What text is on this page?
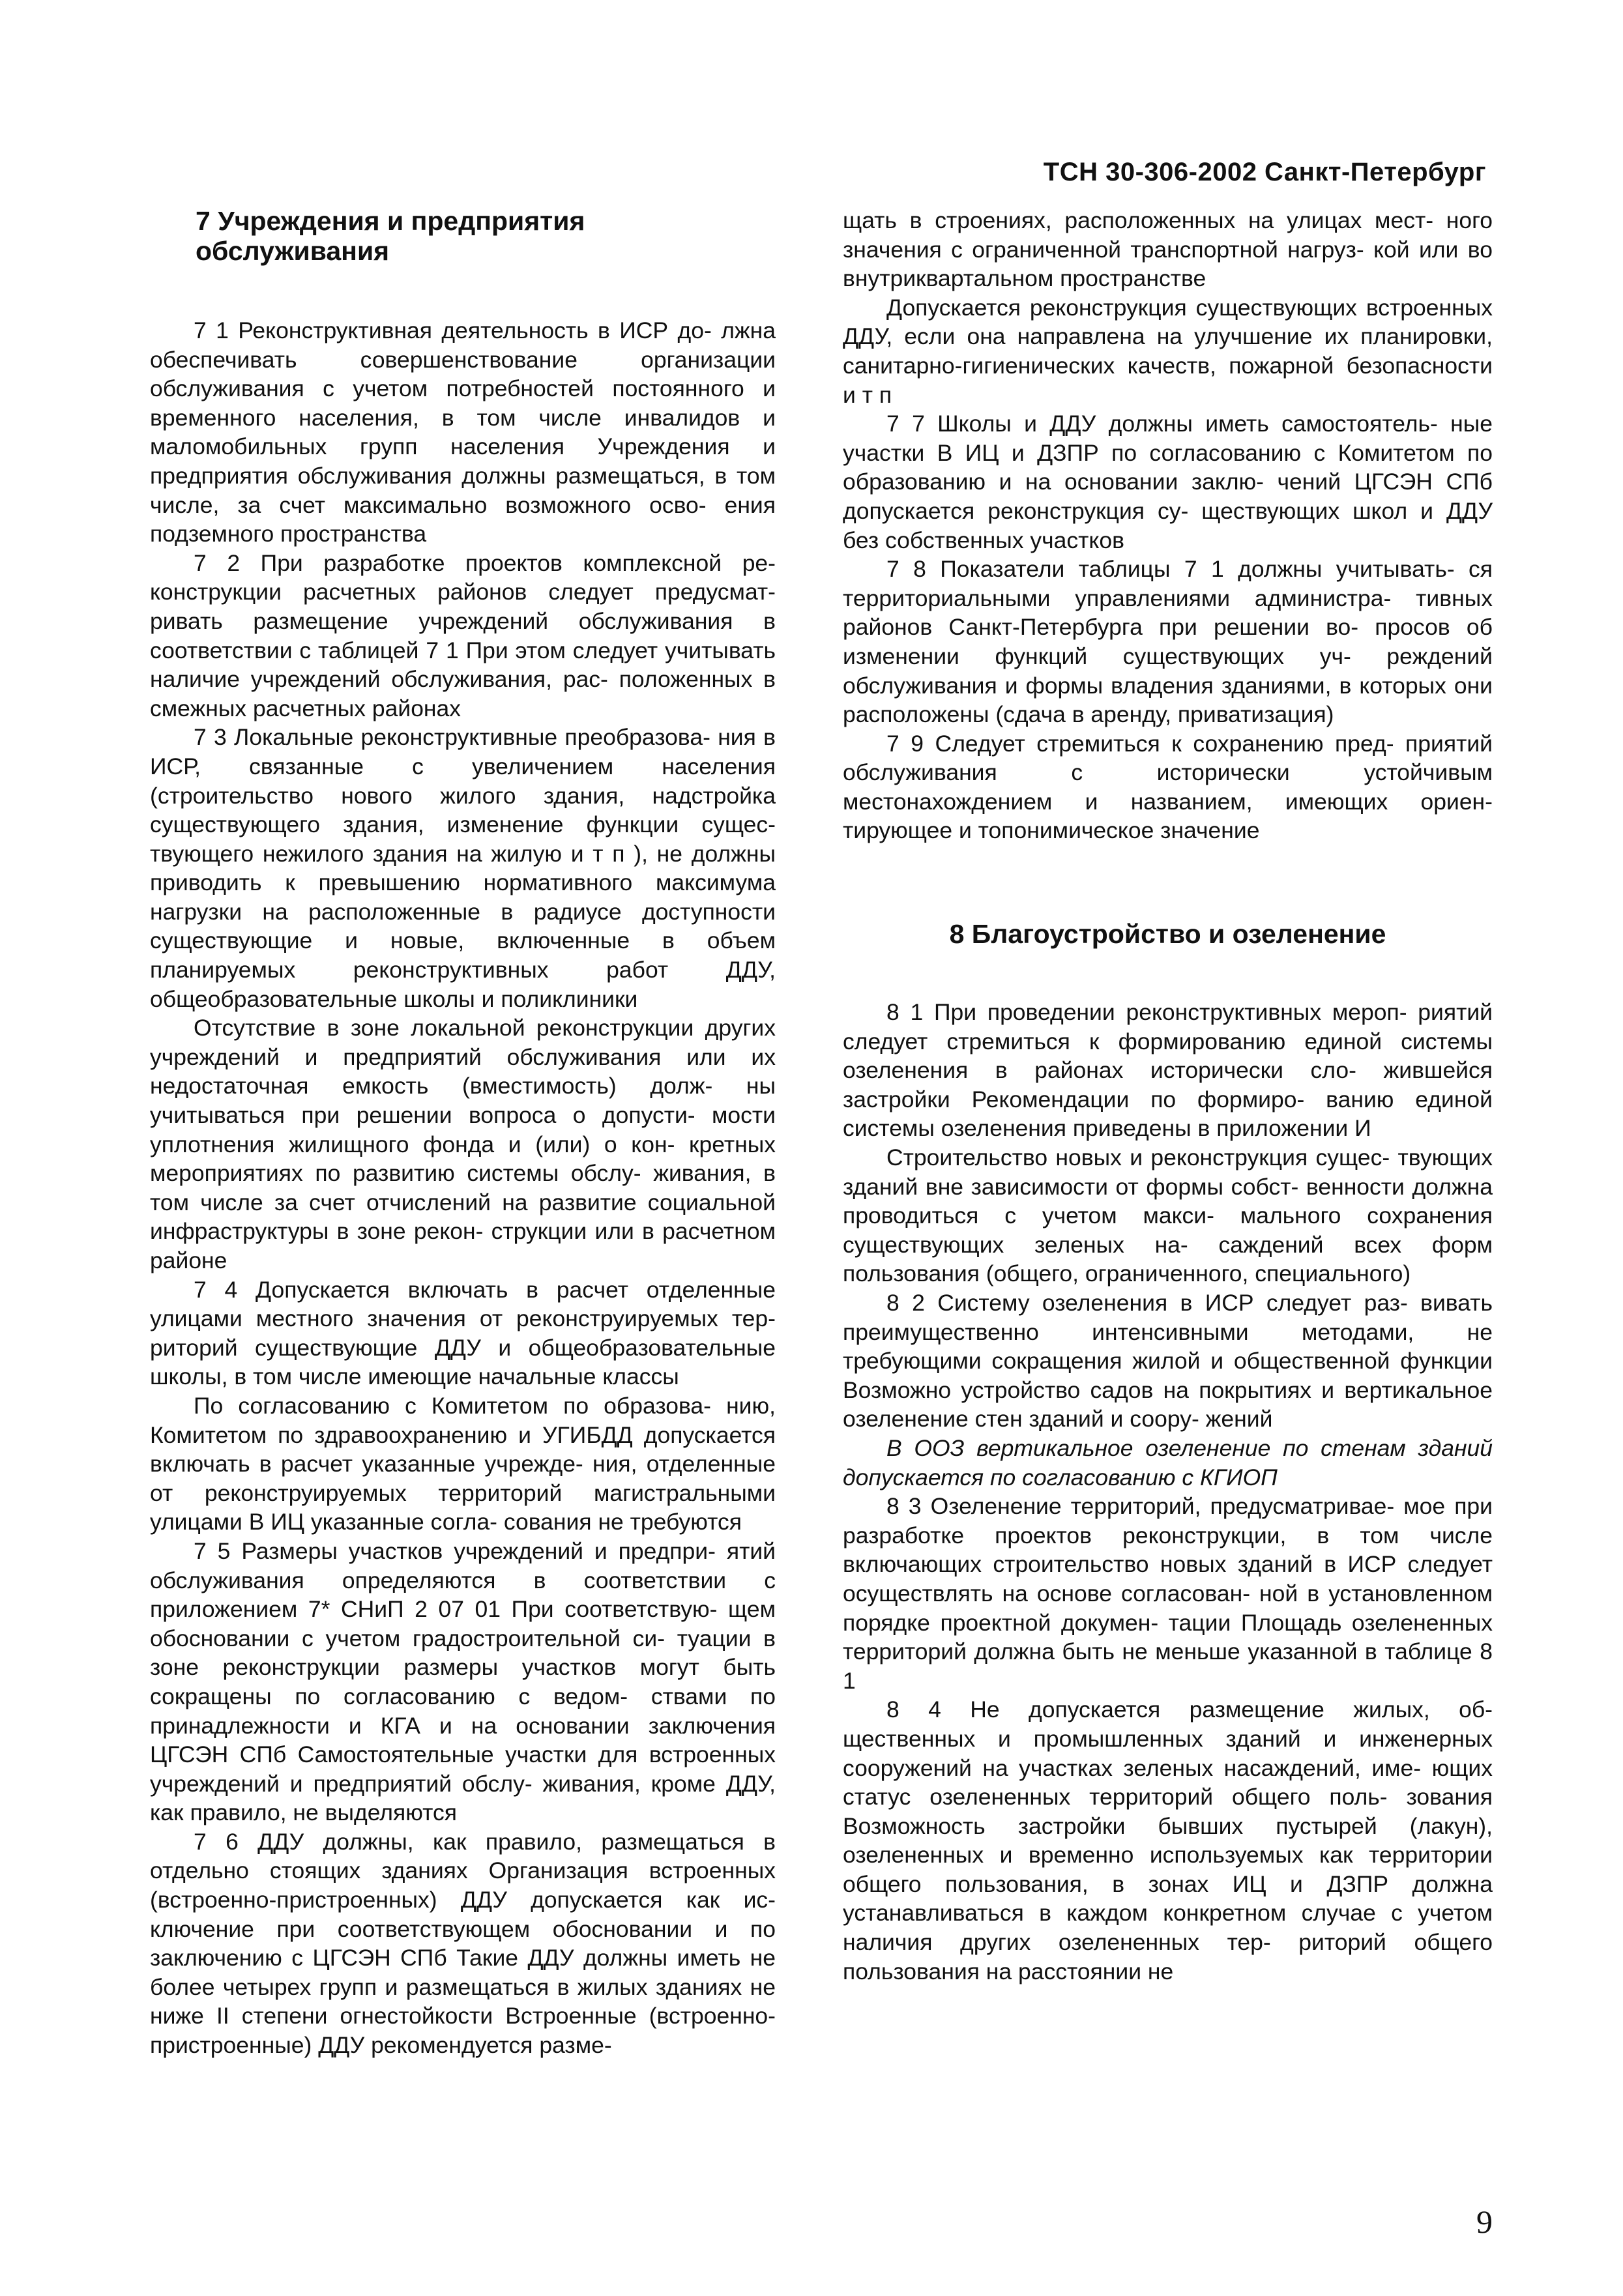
ТСН 30-306-2002 Санкт-Петербург
7 Учреждения и предприятия обслуживания

7 1 Реконструктивная деятельность в ИСР до- лжна обеспечивать совершенствование организации обслуживания с учетом потребностей постоянного и временного населения, в том числе инвалидов и маломобильных групп населения Учреждения и предприятия обслуживания должны размещаться, в том числе, за счет максимально возможного осво- ения подземного пространства

7 2 При разработке проектов комплексной ре- конструкции расчетных районов следует предусмат- ривать размещение учреждений обслуживания в соответствии с таблицей 7 1 При этом следует учитывать наличие учреждений обслуживания, рас- положенных в смежных расчетных районах

7 3 Локальные реконструктивные преобразова- ния в ИСР, связанные с увеличением населения (строительство нового жилого здания, надстройка существующего здания, изменение функции сущес- твующего нежилого здания на жилую и т п ), не должны приводить к превышению нормативного максимума нагрузки на расположенные в радиусе доступности существующие и новые, включенные в объем планируемых реконструктивных работ ДДУ, общеобразовательные школы и поликлиники

Отсутствие в зоне локальной реконструкции других учреждений и предприятий обслуживания или их недостаточная емкость (вместимость) долж- ны учитываться при решении вопроса о допусти- мости уплотнения жилищного фонда и (или) о кон- кретных мероприятиях по развитию системы обслу- живания, в том числе за счет отчислений на развитие социальной инфраструктуры в зоне рекон- струкции или в расчетном районе

7 4 Допускается включать в расчет отделенные улицами местного значения от реконструируемых тер- риторий существующие ДДУ и общеобразовательные школы, в том числе имеющие начальные классы

По согласованию с Комитетом по образова- нию, Комитетом по здравоохранению и УГИБДД допускается включать в расчет указанные учрежде- ния, отделенные от реконструируемых территорий магистральными улицами В ИЦ указанные согла- сования не требуются

7 5 Размеры участков учреждений и предпри- ятий обслуживания определяются в соответствии с приложением 7* СНиП 2 07 01 При соответствую- щем обосновании с учетом градостроительной си- туации в зоне реконструкции размеры участков могут быть сокращены по согласованию с ведом- ствами по принадлежности и КГА и на основании заключения ЦГСЭН СПб Самостоятельные участки для встроенных учреждений и предприятий обслу- живания, кроме ДДУ, как правило, не выделяются

7 6 ДДУ должны, как правило, размещаться в отдельно стоящих зданиях Организация встроенных (встроенно-пристроенных) ДДУ допускается как ис- ключение при соответствующем обосновании и по заключению с ЦГСЭН СПб Такие ДДУ должны иметь не более четырех групп и размещаться в жилых зданиях не ниже II степени огнестойкости Встроенные (встроенно-пристроенные) ДДУ рекомендуется разме-

щать в строениях, расположенных на улицах мест- ного значения с ограниченной транспортной нагруз- кой или во внутриквартальном пространстве

Допускается реконструкция существующих встроенных ДДУ, если она направлена на улучшение их планировки, санитарно-гигиенических качеств, пожарной безопасности и т п

7 7 Школы и ДДУ должны иметь самостоятель- ные участки В ИЦ и ДЗПР по согласованию с Комитетом по образованию и на основании заклю- чений ЦГСЭН СПб допускается реконструкция су- ществующих школ и ДДУ без собственных участков

7 8 Показатели таблицы 7 1 должны учитывать- ся территориальными управлениями администра- тивных районов Санкт-Петербурга при решении во- просов об изменении функций существующих уч- реждений обслуживания и формы владения зданиями, в которых они расположены (сдача в аренду, приватизация)

7 9 Следует стремиться к сохранению пред- приятий обслуживания с исторически устойчивым местонахождением и названием, имеющих ориен- тирующее и топонимическое значение

8 Благоустройство и озеленение

8 1 При проведении реконструктивных мероп- риятий следует стремиться к формированию единой системы озеленения в районах исторически сло- жившейся застройки Рекомендации по формиро- ванию единой системы озеленения приведены в приложении И

Строительство новых и реконструкция сущес- твующих зданий вне зависимости от формы собст- венности должна проводиться с учетом макси- мального сохранения существующих зеленых на- саждений всех форм пользования (общего, ограниченного, специального)

8 2 Систему озеленения в ИСР следует раз- вивать преимущественно интенсивными методами, не требующими сокращения жилой и общественной функции Возможно устройство садов на покрытиях и вертикальное озеленение стен зданий и соору- жений

В ООЗ вертикальное озеленение по стенам зданий допускается по согласованию с КГИОП

8 3 Озеленение территорий, предусматривае- мое при разработке проектов реконструкции, в том числе включающих строительство новых зданий в ИСР следует осуществлять на основе согласован- ной в установленном порядке проектной докумен- тации Площадь озелененных территорий должна быть не меньше указанной в таблице 8 1

8 4 Не допускается размещение жилых, об- щественных и промышленных зданий и инженерных сооружений на участках зеленых насаждений, име- ющих статус озелененных территорий общего поль- зования Возможность застройки бывших пустырей (лакун), озелененных и временно используемых как территории общего пользования, в зонах ИЦ и ДЗПР должна устанавливаться в каждом конкретном случае с учетом наличия других озелененных тер- риторий общего пользования на расстоянии не

9
